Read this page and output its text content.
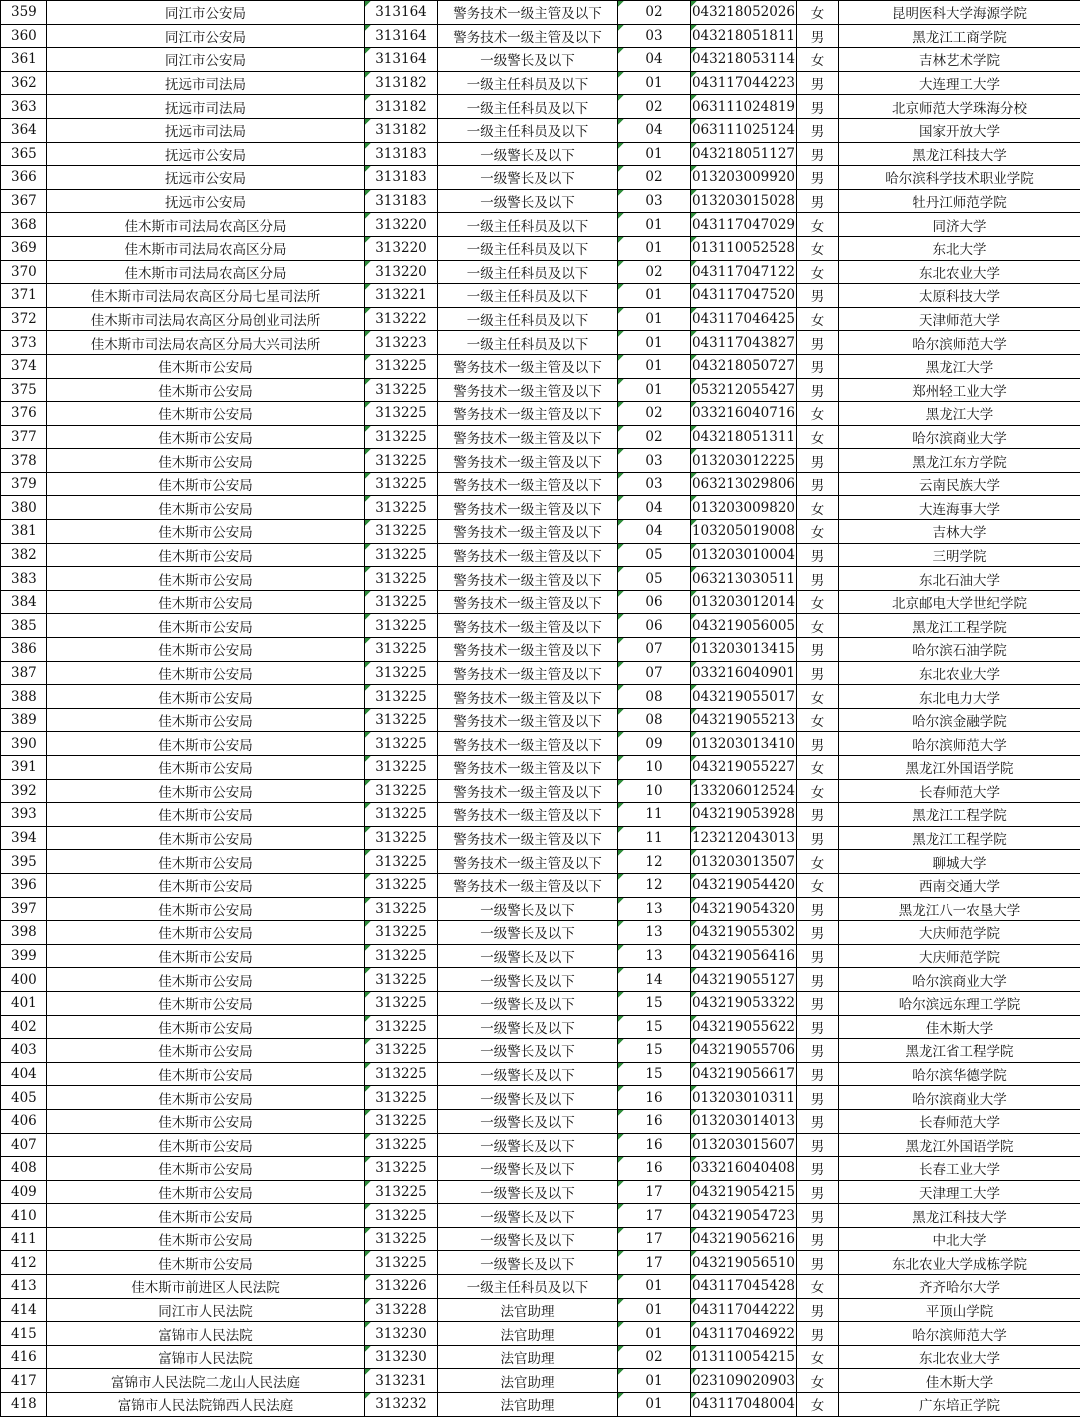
359	同江市公安局	313164	警务技术一级主管及以下	02	043218052026	女	昆明医科大学海源学院
360	同江市公安局	313164	警务技术一级主管及以下	03	043218051811	男	黑龙江工商学院
361	同江市公安局	313164	一级警长及以下	04	043218053114	女	吉林艺术学院
362	抚远市司法局	313182	一级主任科员及以下	01	043117044223	男	大连理工大学
363	抚远市司法局	313182	一级主任科员及以下	02	063111024819	男	北京师范大学珠海分校
364	抚远市司法局	313182	一级主任科员及以下	04	063111025124	男	国家开放大学
365	抚远市公安局	313183	一级警长及以下	01	043218051127	男	黑龙江科技大学
366	抚远市公安局	313183	一级警长及以下	02	013203009920	男	哈尔滨科学技术职业学院
367	抚远市公安局	313183	一级警长及以下	03	013203015028	男	牡丹江师范学院
368	佳木斯市司法局农高区分局	313220	一级主任科员及以下	01	043117047029	女	同济大学
369	佳木斯市司法局农高区分局	313220	一级主任科员及以下	01	013110052528	女	东北大学
370	佳木斯市司法局农高区分局	313220	一级主任科员及以下	02	043117047122	女	东北农业大学
371	佳木斯市司法局农高区分局七星司法所	313221	一级主任科员及以下	01	043117047520	男	太原科技大学
372	佳木斯市司法局农高区分局创业司法所	313222	一级主任科员及以下	01	043117046425	女	天津师范大学
373	佳木斯市司法局农高区分局大兴司法所	313223	一级主任科员及以下	01	043117043827	男	哈尔滨师范大学
374	佳木斯市公安局	313225	警务技术一级主管及以下	01	043218050727	男	黑龙江大学
375	佳木斯市公安局	313225	警务技术一级主管及以下	01	053212055427	男	郑州轻工业大学
376	佳木斯市公安局	313225	警务技术一级主管及以下	02	033216040716	女	黑龙江大学
377	佳木斯市公安局	313225	警务技术一级主管及以下	02	043218051311	女	哈尔滨商业大学
378	佳木斯市公安局	313225	警务技术一级主管及以下	03	013203012225	男	黑龙江东方学院
379	佳木斯市公安局	313225	警务技术一级主管及以下	03	063213029806	男	云南民族大学
380	佳木斯市公安局	313225	警务技术一级主管及以下	04	013203009820	女	大连海事大学
381	佳木斯市公安局	313225	警务技术一级主管及以下	04	103205019008	女	吉林大学
382	佳木斯市公安局	313225	警务技术一级主管及以下	05	013203010004	男	三明学院
383	佳木斯市公安局	313225	警务技术一级主管及以下	05	063213030511	男	东北石油大学
384	佳木斯市公安局	313225	警务技术一级主管及以下	06	013203012014	女	北京邮电大学世纪学院
385	佳木斯市公安局	313225	警务技术一级主管及以下	06	043219056005	女	黑龙江工程学院
386	佳木斯市公安局	313225	警务技术一级主管及以下	07	013203013415	男	哈尔滨石油学院
387	佳木斯市公安局	313225	警务技术一级主管及以下	07	033216040901	男	东北农业大学
388	佳木斯市公安局	313225	警务技术一级主管及以下	08	043219055017	女	东北电力大学
389	佳木斯市公安局	313225	警务技术一级主管及以下	08	043219055213	女	哈尔滨金融学院
390	佳木斯市公安局	313225	警务技术一级主管及以下	09	013203013410	男	哈尔滨师范大学
391	佳木斯市公安局	313225	警务技术一级主管及以下	10	043219055227	女	黑龙江外国语学院
392	佳木斯市公安局	313225	警务技术一级主管及以下	10	133206012524	女	长春师范大学
393	佳木斯市公安局	313225	警务技术一级主管及以下	11	043219053928	男	黑龙江工程学院
394	佳木斯市公安局	313225	警务技术一级主管及以下	11	123212043013	男	黑龙江工程学院
395	佳木斯市公安局	313225	警务技术一级主管及以下	12	013203013507	女	聊城大学
396	佳木斯市公安局	313225	警务技术一级主管及以下	12	043219054420	女	西南交通大学
397	佳木斯市公安局	313225	一级警长及以下	13	043219054320	男	黑龙江八一农垦大学
398	佳木斯市公安局	313225	一级警长及以下	13	043219055302	男	大庆师范学院
399	佳木斯市公安局	313225	一级警长及以下	13	043219056416	男	大庆师范学院
400	佳木斯市公安局	313225	一级警长及以下	14	043219055127	男	哈尔滨商业大学
401	佳木斯市公安局	313225	一级警长及以下	15	043219053322	男	哈尔滨远东理工学院
402	佳木斯市公安局	313225	一级警长及以下	15	043219055622	男	佳木斯大学
403	佳木斯市公安局	313225	一级警长及以下	15	043219055706	男	黑龙江省工程学院
404	佳木斯市公安局	313225	一级警长及以下	15	043219056617	男	哈尔滨华德学院
405	佳木斯市公安局	313225	一级警长及以下	16	013203010311	男	哈尔滨商业大学
406	佳木斯市公安局	313225	一级警长及以下	16	013203014013	男	长春师范大学
407	佳木斯市公安局	313225	一级警长及以下	16	013203015607	男	黑龙江外国语学院
408	佳木斯市公安局	313225	一级警长及以下	16	033216040408	男	长春工业大学
409	佳木斯市公安局	313225	一级警长及以下	17	043219054215	男	天津理工大学
410	佳木斯市公安局	313225	一级警长及以下	17	043219054723	男	黑龙江科技大学
411	佳木斯市公安局	313225	一级警长及以下	17	043219056216	男	中北大学
412	佳木斯市公安局	313225	一级警长及以下	17	043219056510	男	东北农业大学成栋学院
413	佳木斯市前进区人民法院	313226	一级主任科员及以下	01	043117045428	女	齐齐哈尔大学
414	同江市人民法院	313228	法官助理	01	043117044222	男	平顶山学院
415	富锦市人民法院	313230	法官助理	01	043117046922	男	哈尔滨师范大学
416	富锦市人民法院	313230	法官助理	02	013110054215	女	东北农业大学
417	富锦市人民法院二龙山人民法庭	313231	法官助理	01	023109020903	女	佳木斯大学
418	富锦市人民法院锦西人民法庭	313232	法官助理	01	043117048004	女	广东培正学院
